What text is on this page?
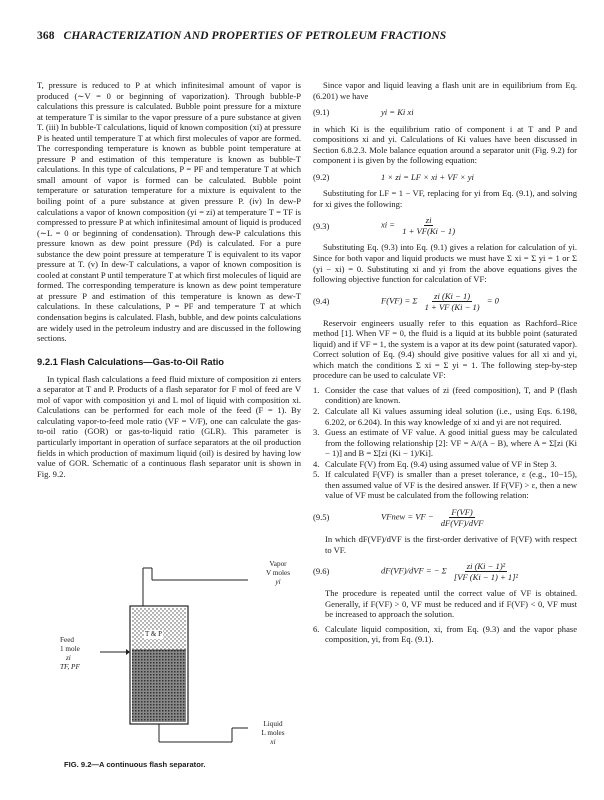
368 CHARACTERIZATION AND PROPERTIES OF PETROLEUM FRACTIONS

T, pressure is reduced to P at which infinitesimal amount of vapor is produced (∼V = 0 or beginning of vaporization). Through bubble-P calculations this pressure is calculated. Bubble point pressure for a mixture at temperature T is similar to the vapor pressure of a pure substance at given T. (iii) In bubble-T calculations, liquid of known composition (xi) at pressure P is heated until temperature T at which first molecules of vapor are formed. The corresponding temperature is known as bubble point temperature at pressure P and estimation of this temperature is known as bubble-T calculations. In this type of calculations, P = PF and temperature T at which small amount of vapor is formed can be calculated. Bubble point temperature or saturation temperature for a mixture is equivalent to the boiling point of a pure substance at given pressure P. (iv) In dew-P calculations a vapor of known composition (yi = zi) at temperature T = TF is compressed to pressure P at which infinitesimal amount of liquid is produced (∼L = 0 or beginning of condensation). Through dew-P calculations this pressure known as dew point pressure (Pd) is calculated. For a pure substance the dew point pressure at temperature T is equivalent to its vapor pressure at T. (v) In dew-T calculations, a vapor of known composition is cooled at constant P until temperature T at which first molecules of liquid are formed. The corresponding temperature is known as dew point temperature at pressure P and estimation of this temperature is known as dew-T calculations. In these calculations, P = PF and temperature T at which condensation begins is calculated. Flash, bubble, and dew points calculations are widely used in the petroleum industry and are discussed in the following sections.

9.2.1 Flash Calculations—Gas-to-Oil Ratio

In typical flash calculations a feed fluid mixture of composition zi enters a separator at T and P. Products of a flash separator for F mol of feed are V mol of vapor with composition yi and L mol of liquid with composition xi. Calculations can be performed for each mole of the feed (F = 1). By calculating vapor-to-feed mole ratio (VF = V/F), one can calculate the gas-to-oil ratio (GOR) or gas-to-liquid ratio (GLR). This parameter is particularly important in operation of surface separators at the oil production fields in which production of maximum liquid (oil) is desired by having low value of GOR. Schematic of a continuous flash separator unit is shown in Fig. 9.2.

Vapor
V moles
yi
Feed
1 mole
zi
TF, PF
T & P
Liquid
L moles
xi
FIG. 9.2—A continuous flash separator.

Since vapor and liquid leaving a flash unit are in equilibrium from Eq. (6.201) we have

(9.1)	yi = Ki xi

in which Ki is the equilibrium ratio of component i at T and P and compositions xi and yi. Calculations of Ki values have been discussed in Section 6.8.2.3. Mole balance equation around a separator unit (Fig. 9.2) for component i is given by the following equation:

(9.2)	1 × zi = LF × xi + VF × yi

Substituting for LF = 1 − VF, replacing for yi from Eq. (9.1), and solving for xi gives the following:

(9.3)	xi = $\frac{zi}{1 + VF(Ki - 1)}$

Substituting Eq. (9.3) into Eq. (9.1) gives a relation for calculation of yi. Since for both vapor and liquid products we must have Σ xi = Σ yi = 1 or Σ (yi − xi) = 0. Substituting xi and yi from the above equations gives the following objective function for calculation of VF:

(9.4)	F(VF) = Σ $\frac{zi (Ki - 1)}{1 + VF (Ki - 1)} = 0$

Reservoir engineers usually refer to this equation as Rachford–Rice method [1]. When VF = 0, the fluid is a liquid at its bubble point (saturated liquid) and if VF = 1, the system is a vapor at its dew point (saturated vapor). Correct solution of Eq. (9.4) should give positive values for all xi and yi, which match the conditions Σ xi = Σ yi = 1. The following step-by-step procedure can be used to calculate VF:

1. Consider the case that values of zi (feed composition), T, and P (flash condition) are known.
2. Calculate all Ki values assuming ideal solution (i.e., using Eqs. 6.198, 6.202, or 6.204). In this way knowledge of xi and yi are not required.
3. Guess an estimate of VF value. A good initial guess may be calculated from the following relationship [2]: VF = A/(A − B), where A = Σ[zi (Ki − 1)] and B = Σ[zi (Ki − 1)/Ki].
4. Calculate F(V) from Eq. (9.4) using assumed value of VF in Step 3.
5. If calculated F(VF) is smaller than a preset tolerance, ε (e.g., 10−15), then assumed value of VF is the desired answer. If F(VF) > ε, then a new value of VF must be calculated from the following relation:
(9.5)	VFnew = VF − $\frac{F(VF)}{\text{dF(VF)/dVF}}$

In which dF(VF)/dVF is the first-order derivative of F(VF) with respect to VF.

(9.6)	dF(VF)/dVF = − Σ $\frac{\text{zi (Ki − 1)²}}{\text{[VF (Ki − 1) + 1]²}}$

The procedure is repeated until the correct value of VF is obtained. Generally, if F(VF) > 0, VF must be reduced and if F(VF) < 0, VF must be increased to approach the solution.

6. Calculate liquid composition, xi, from Eq. (9.3) and the vapor phase composition, yi, from Eq. (9.1).
